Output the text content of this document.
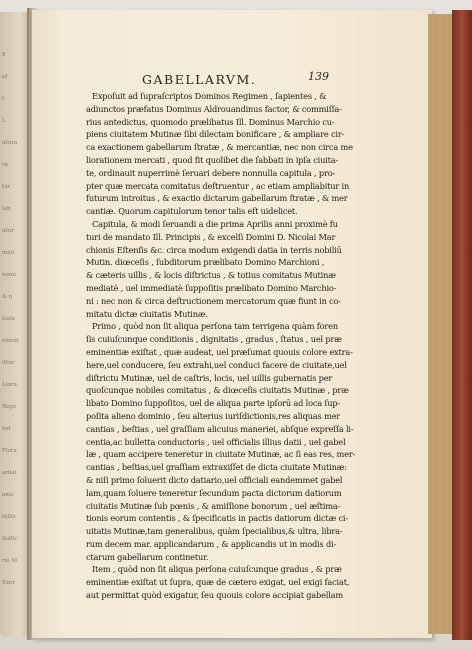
8
ef
t.
L
ntura
ra
tur
lob
ntur
mini
nomi
& n
icale
entrat
ittur
Lioru
Rego
bet
Flora
ariiai
aniz
tellis
Sollic
rio M
Exer
GABELLARVM.	139
Expoſuit ad ſupraſcriptos Dominos Regimen , ſapientes , &
adiunctos præfatus Dominus Aldrouandinus factor, & commiſſa-
rius antedictus, quomodo prælibatus Ill. Dominus Marchio cu-
piens ciuitatem Mutinæ ſibi dilectam bonificare , & ampliare cir-
ca exactionem gabellarum ſtratæ , & mercantiæ, nec non circa me
liorationem mercati , quod fit quolibet die ſabbati in ipſa ciuita-
te, ordinauit nuperrimè ſeruari debere nonnulla capitula , pro-
pter quæ mercata comitatus deſtruentur , ac etiam ampliabitur in
futurum introitus , & exactio dictarum gabellarum ſtratæ , & mer
cantiæ. Quorum capitulorum tenor talis eſt uidelicet.
Capitula, & modi ſeruandi a die prima Aprilis anni proximè fu
turi de mandato Ill. Principis , & excelſi Domini D. Nicolai Mar
chionis Eſtenſis &c. circa modum exigendi datia in terris nobiliū
Mutin. diœceſis , ſubditorum prælibato Domino Marchioni ,
& cæteris uillis , & locis diſtrictus , & totius comitatus Mutinæ
mediatè , uel immediatè ſuppoſitis prælibato Domino Marchio-
ni : nec non & circa deſtructionem mercatorum quæ fiunt in co-
mitatu dictæ ciuitatis Mutinæ.
Primo , quòd non ſit aliqua perſona tam terrigena quàm foren
ſis cuiuſcunque conditionis , dignitatis , gradus , ſtatus , uel præ
eminentiæ exiſtat , quæ audeat, uel præſumat quouis colore extra-
here,uel conducere, ſeu extrahi,uel conduci facere de ciuitate,uel
diſtrictu Mutinæ, uel de caſtris, locis, uel uillis gubernatis per
quoſcunque nobiles comitatus , & diœceſis ciuitatis Mutinæ , præ
libato Domino ſuppoſitos, uel de aliqua parte ipſorū ad loca ſup-
poſita alieno dominio , ſeu alterius iuriſdictionis,res aliquas mer
cantias , beſtias , uel graſſiam alicuius maneriei, abſque expreſſa li-
centia,ac bulletta conductoris , uel officialis illius datii , uel gabel
læ , quam accipere teneretur in ciuitate Mutinæ, ac ſi eas res, mer-
cantias , beſtias,uel graſſiam extraxiſſet de dicta ciuitate Mutinæ:
& niſi primo ſoluerit dicto datiario,uel officiali eandemmet gabel
lam,quam ſoluere teneretur ſecundum pacta dictorum datiorum
ciuitatis Mutinæ ſub pœnis , & amiſſione bonorum , uel æſtima-
tionis eorum contentis , & ſpecificatis in pactis datiorum dictæ ci-
uitatis Mutinæ,tam generalibus, quàm ſpecialibus,& ultra, libra-
rum decem mar. applicandarum , & applicandis ut in modis di-
ctarum gabellarum continetur.
Item , quòd non ſit aliqua perſona cuiuſcunque gradus , & præ
eminentiæ exiſtat ut ſupra, quæ de cætero exigat, uel exigi faciat,
aut permittat quòd exigatur, ſeu quouis colore accipiat gabellam
